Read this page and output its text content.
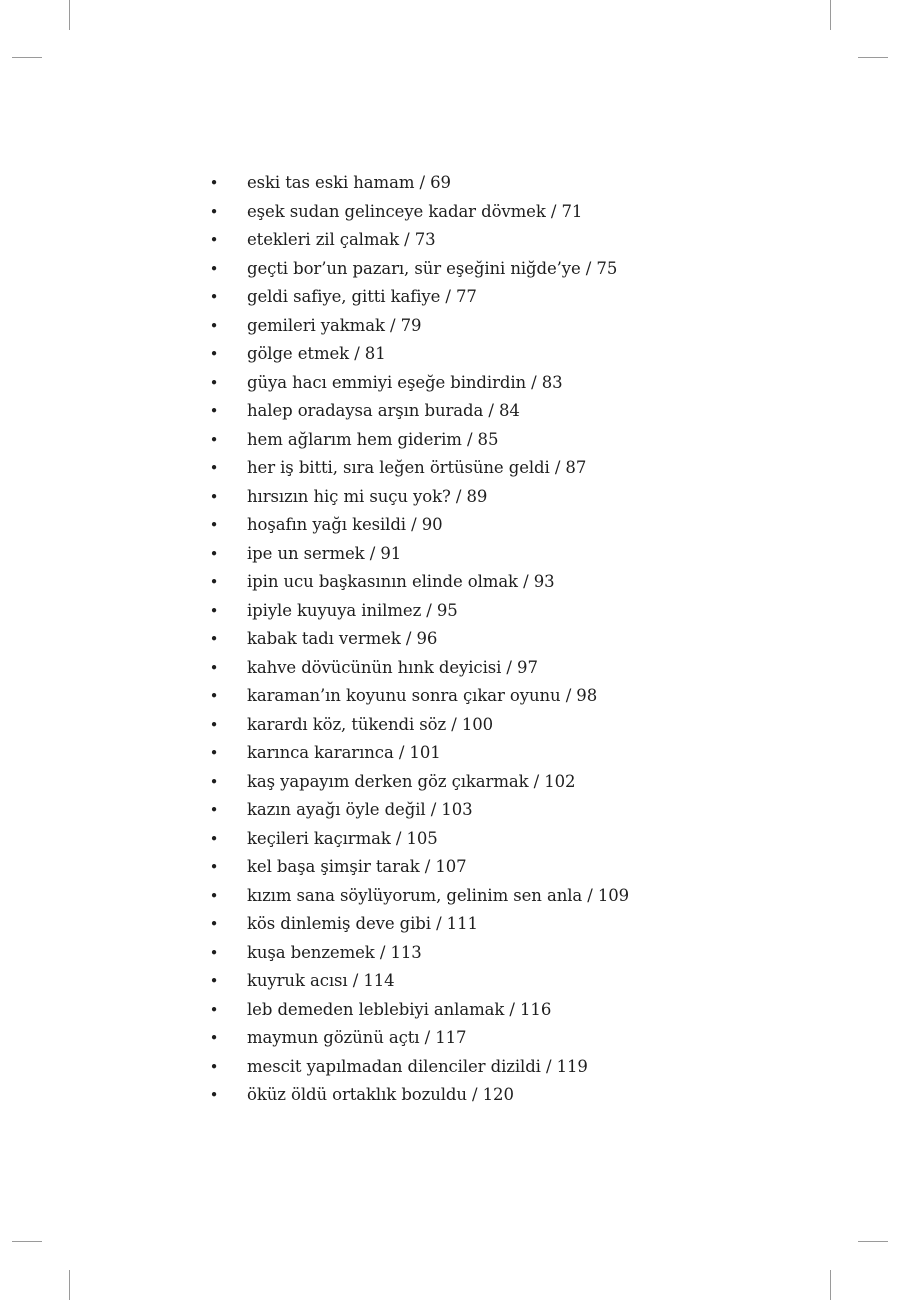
• eski tas eski hamam / 69
• eşek sudan gelinceye kadar dövmek / 71
• etekleri zil çalmak / 73
• geçti bor’un pazarı, sür eşeğini niğde’ye / 75
• geldi safiye, gitti kafiye / 77
• gemileri yakmak / 79
• gölge etmek / 81
• güya hacı emmiyi eşeğe bindirdin / 83
• halep oradaysa arşın burada / 84
• hem ağlarım hem giderim / 85
• her iş bitti, sıra leğen örtüsüne geldi / 87
• hırsızın hiç mi suçu yok? / 89
• hoşafın yağı kesildi / 90
• ipe un sermek / 91
• ipin ucu başkasının elinde olmak / 93
• ipiyle kuyuya inilmez / 95
• kabak tadı vermek / 96
• kahve dövücünün hınk deyicisi / 97
• karaman’ın koyunu sonra çıkar oyunu / 98
• karardı köz, tükendi söz / 100
• karınca kararınca / 101
• kaş yapayım derken göz çıkarmak / 102
• kazın ayağı öyle değil / 103
• keçileri kaçırmak / 105
• kel başa şimşir tarak / 107
• kızım sana söylüyorum, gelinim sen anla / 109
• kös dinlemiş deve gibi / 111
• kuşa benzemek / 113
• kuyruk acısı / 114
• leb demeden leblebiyi anlamak / 116
• maymun gözünü açtı / 117
• mescit yapılmadan dilenciler dizildi / 119
• öküz öldü ortaklık bozuldu / 120
